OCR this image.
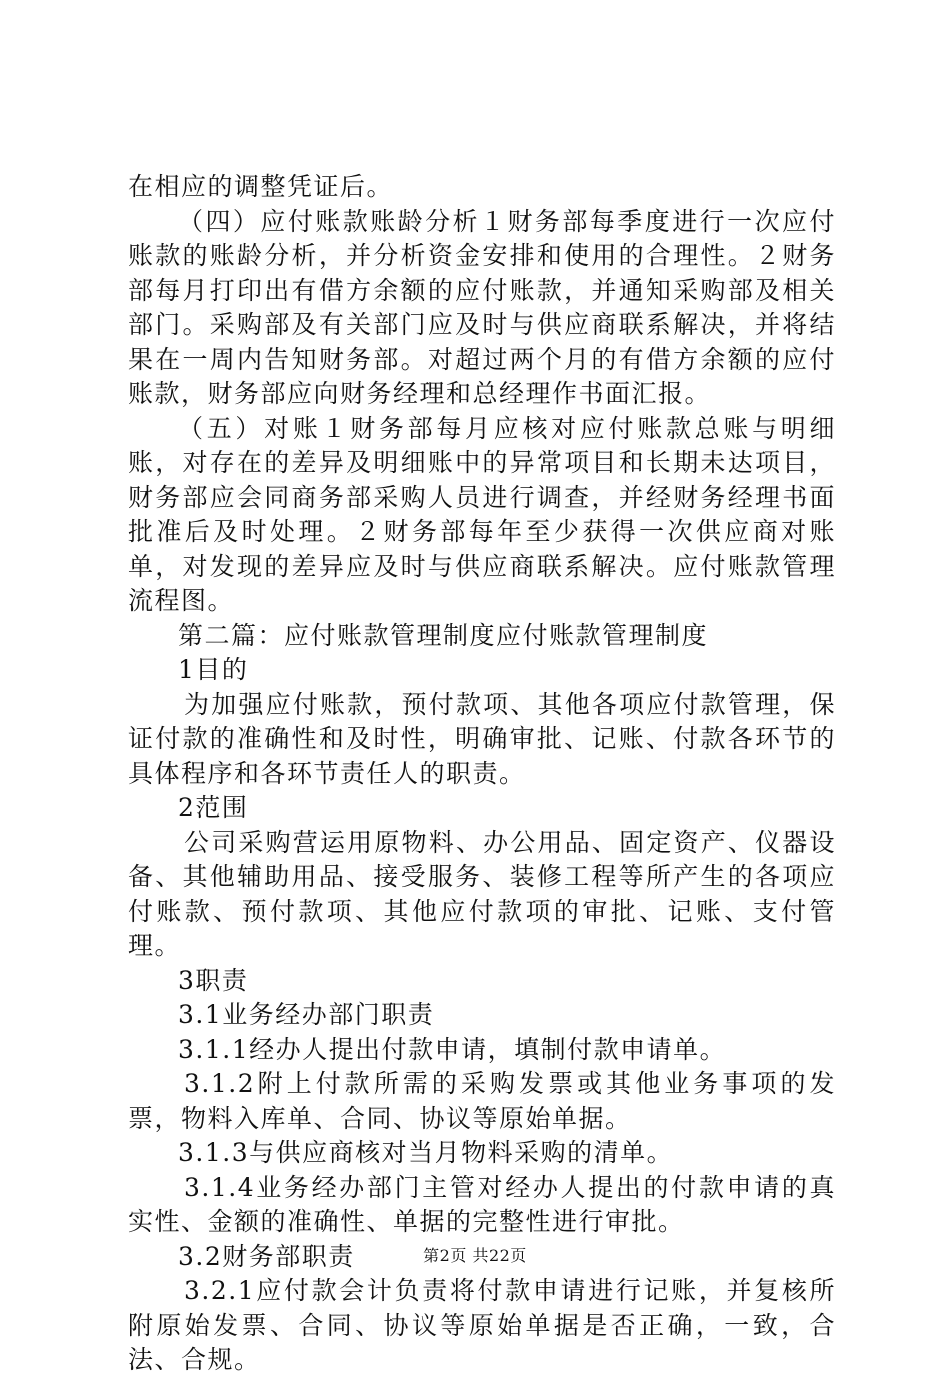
在相应的调整凭证后。

（四）应付账款账龄分析１财务部每季度进行一次应付账款的账龄分析，并分析资金安排和使用的合理性。２财务部每月打印出有借方余额的应付账款，并通知采购部及相关部门。采购部及有关部门应及时与供应商联系解决，并将结果在一周内告知财务部。对超过两个月的有借方余额的应付账款，财务部应向财务经理和总经理作书面汇报。

（五）对账１财务部每月应核对应付账款总账与明细账，对存在的差异及明细账中的异常项目和长期未达项目，财务部应会同商务部采购人员进行调查，并经财务经理书面批准后及时处理。２财务部每年至少获得一次供应商对账单，对发现的差异应及时与供应商联系解决。应付账款管理流程图。

第二篇：应付账款管理制度应付账款管理制度

1目的

为加强应付账款，预付款项、其他各项应付款管理，保证付款的准确性和及时性，明确审批、记账、付款各环节的具体程序和各环节责任人的职责。

2范围

公司采购营运用原物料、办公用品、固定资产、仪器设备、其他辅助用品、接受服务、装修工程等所产生的各项应付账款、预付款项、其他应付款项的审批、记账、支付管理。

3职责

3.1业务经办部门职责

3.1.1经办人提出付款申请，填制付款申请单。

3.1.2附上付款所需的采购发票或其他业务事项的发票，物料入库单、合同、协议等原始单据。

3.1.3与供应商核对当月物料采购的清单。

3.1.4业务经办部门主管对经办人提出的付款申请的真实性、金额的准确性、单据的完整性进行审批。

3.2财务部职责

3.2.1应付款会计负责将付款申请进行记账，并复核所附原始发票、合同、协议等原始单据是否正确，一致，合法、合规。

第2页 共22页
